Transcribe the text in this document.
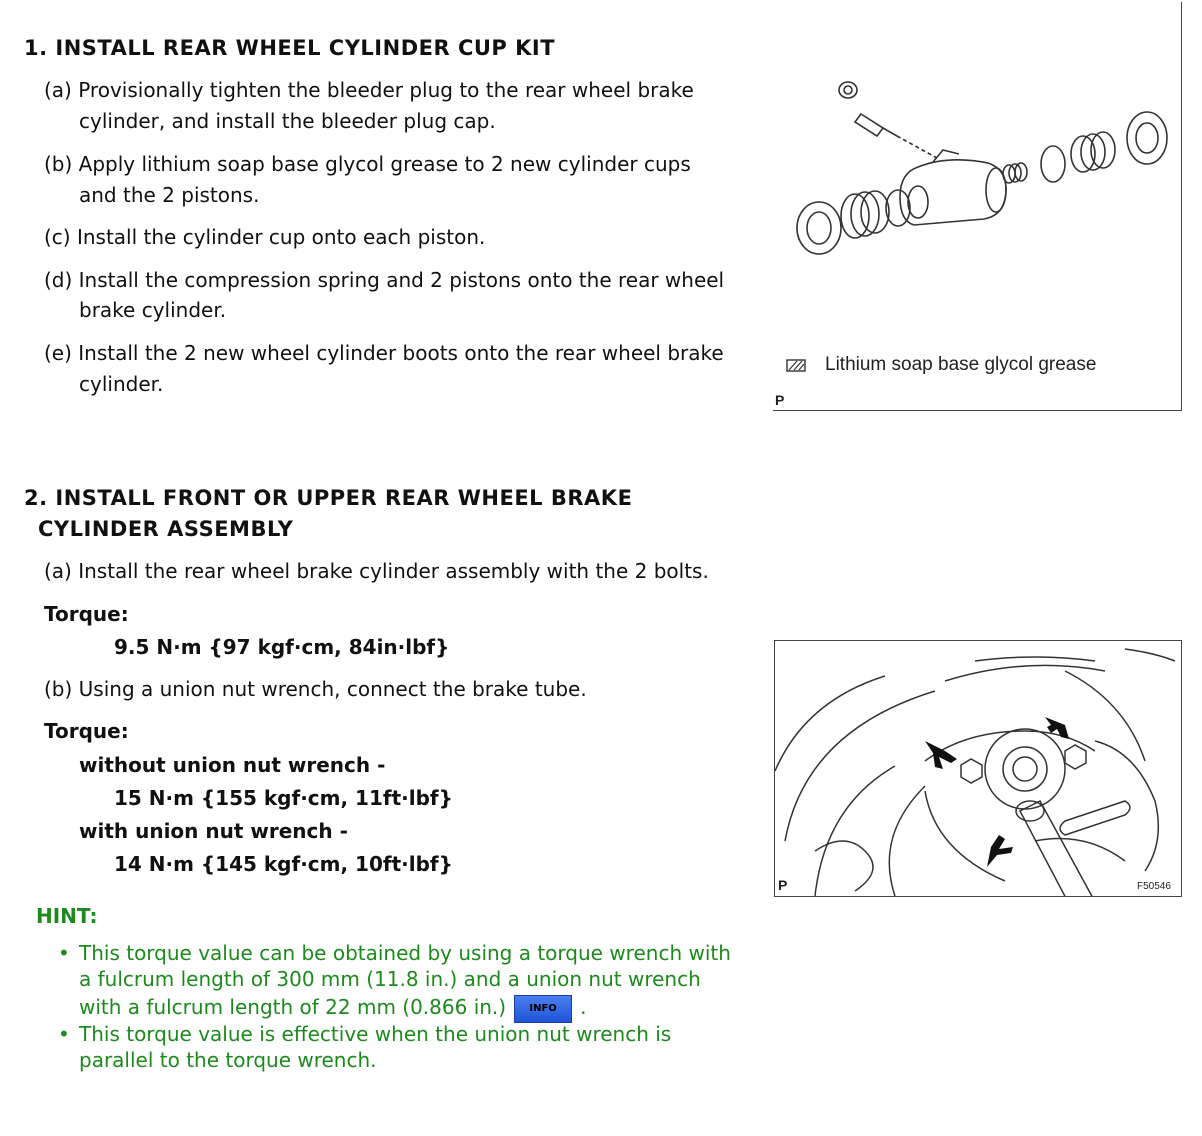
1. INSTALL REAR WHEEL CYLINDER CUP KIT
(a) Provisionally tighten the bleeder plug to the rear wheel brake
cylinder, and install the bleeder plug cap.
(b) Apply lithium soap base glycol grease to 2 new cylinder cups
and the 2 pistons.
(c) Install the cylinder cup onto each piston.
(d) Install the compression spring and 2 pistons onto the rear wheel
brake cylinder.
(e) Install the 2 new wheel cylinder boots onto the rear wheel brake
cylinder.
Lithium soap base glycol grease
P
2. INSTALL FRONT OR UPPER REAR WHEEL BRAKE
CYLINDER ASSEMBLY
(a) Install the rear wheel brake cylinder assembly with the 2 bolts.
Torque:
9.5 N·m {97 kgf·cm, 84in·lbf}
(b) Using a union nut wrench, connect the brake tube.
Torque:
without union nut wrench -
15 N·m {155 kgf·cm, 11ft·lbf}
with union nut wrench -
14 N·m {145 kgf·cm, 10ft·lbf}
P	F50546
HINT:
• This torque value can be obtained by using a torque wrench with
a fulcrum length of 300 mm (11.8 in.) and a union nut wrench
with a fulcrum length of 22 mm (0.866 in.) INFO .
• This torque value is effective when the union nut wrench is
parallel to the torque wrench.
